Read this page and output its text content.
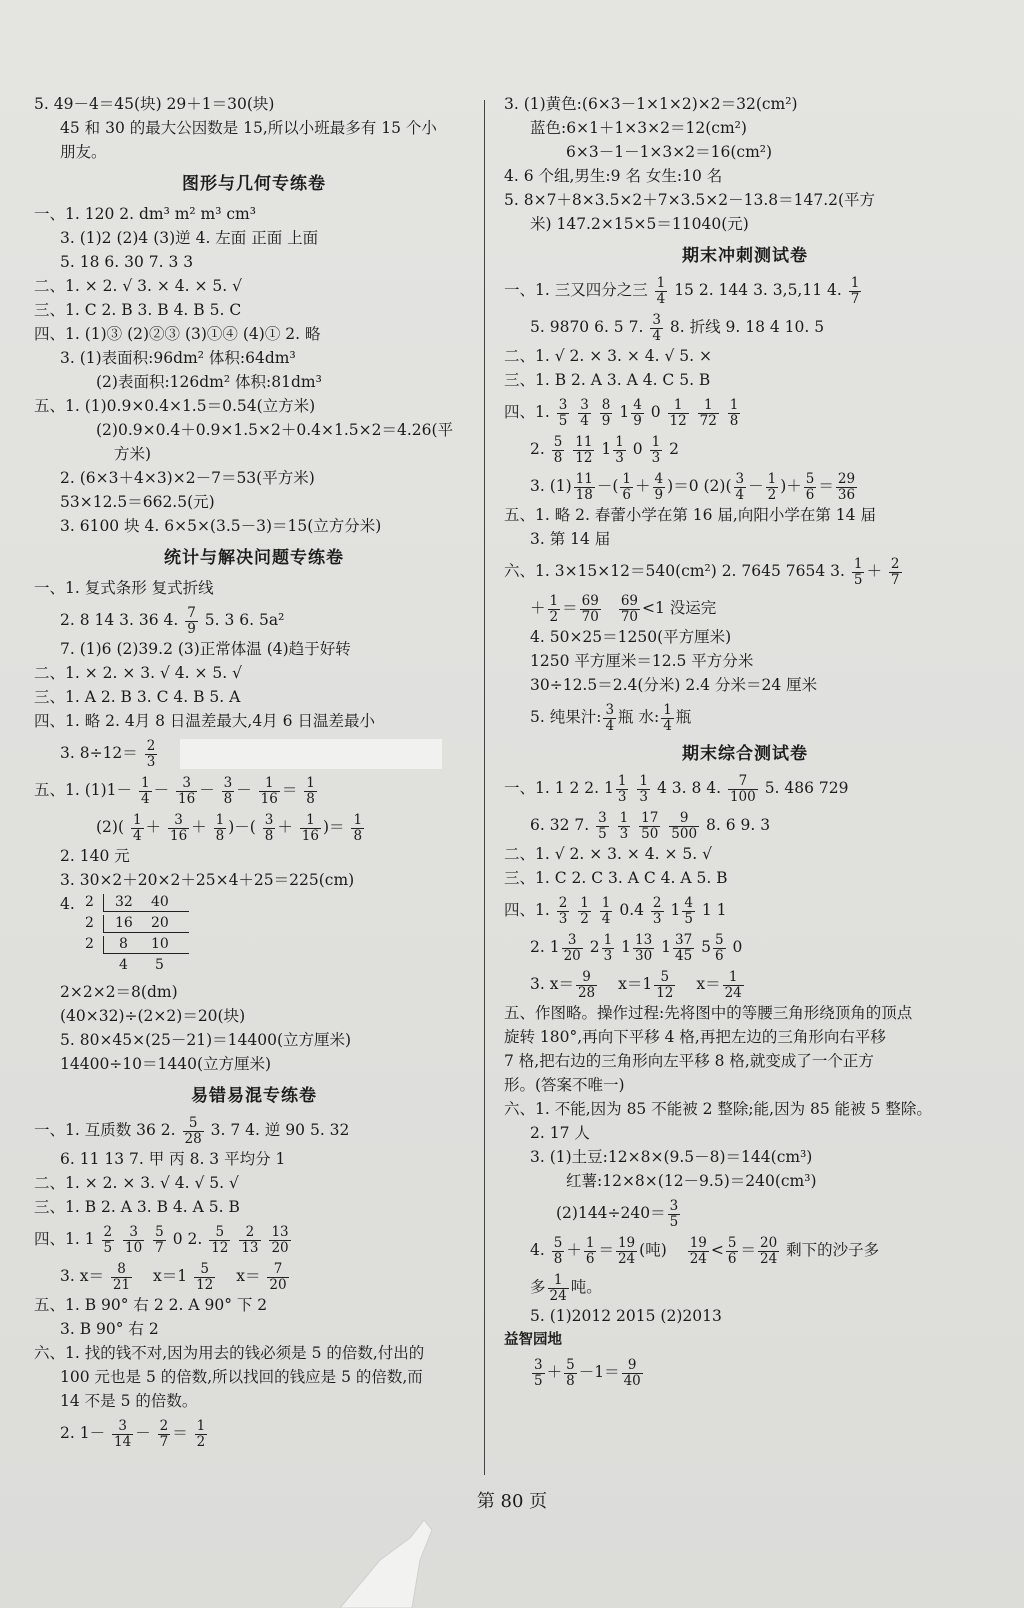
5. 49－4＝45(块) 29＋1＝30(块)
45 和 30 的最大公因数是 15,所以小班最多有 15 个小
朋友。
图形与几何专练卷
一、1. 120 2. dm³ m² m³ cm³
3. (1)2 (2)4 (3)逆 4. 左面 正面 上面
5. 18 6. 30 7. 3 3
二、1. × 2. √ 3. × 4. × 5. √
三、1. C 2. B 3. B 4. B 5. C
四、1. (1)③ (2)②③ (3)①④ (4)① 2. 略
3. (1)表面积:96dm² 体积:64dm³
(2)表面积:126dm² 体积:81dm³
五、1. (1)0.9×0.4×1.5＝0.54(立方米)
(2)0.9×0.4＋0.9×1.5×2＋0.4×1.5×2＝4.26(平
方米)
2. (6×3＋4×3)×2－7＝53(平方米)
53×12.5＝662.5(元)
3. 6100 块 4. 6×5×(3.5－3)＝15(立方分米)
统计与解决问题专练卷
一、1. 复式条形 复式折线
2. 8 14 3. 36 4. $\frac{7}{9} 5$. 3 6. 5a²
7. (1)6 (2)39.2 (3)正常体温 (4)趋于好转
二、1. × 2. × 3. √ 4. × 5. √
三、1. A 2. B 3. C 4. B 5. A
四、1. 略 2. 4月 8 日温差最大,4月 6 日温差最小
3. $8\div 12= \frac{2}{3}$

五、1. $(1)1- \frac{1}{4} - \frac{3}{16} - \frac{3}{8} - \frac{1}{16} = \frac{1}{8}$
$(2)( \frac{1}{4} + \frac{3}{16} + \frac{1}{8}$ )－( $\frac{3}{8} + \frac{1}{16}$ )＝ $\frac{1}{8}$
2. 140 元
3. 30×2＋20×2＋25×4＋25＝225(cm)
4. 2 32 40
2 16 20
2 8 10
4 5
2×2×2＝8(dm)
(40×32)÷(2×2)＝20(块)
5. 80×45×(25－21)＝14400(立方厘米)
14400÷10＝1440(立方厘米)
易错易混专练卷
一、1. 互质数 36 2. $\frac{5}{28} 3$. 7 4. 逆 90 5. 32
6. 11 13 7. 甲 丙 8. 3 平均分 1
二、1. × 2. × 3. √ 4. √ 5. √
三、1. B 2. A 3. B 4. A 5. B
四、1. $1 \frac{2}{5}$
$\frac{3}{10}$
$\frac{5}{7} 0$ 2. $\frac{5}{12}$
$\frac{2}{13}$
$\frac{13}{20}$
3. $x= \frac{8}{21} x=1 \frac{5}{12} x= \frac{7}{20}$
五、1. B 90° 右 2 2. A 90° 下 2
3. B 90° 右 2
六、1. 找的钱不对,因为用去的钱必须是 5 的倍数,付出的
100 元也是 5 的倍数,所以找回的钱应是 5 的倍数,而
14 不是 5 的倍数。
2. $1- \frac{3}{14} - \frac{2}{7} = \frac{1}{2}$
3. (1)黄色:(6×3－1×1×2)×2＝32(cm²)
蓝色:6×1＋1×3×2＝12(cm²)
6×3－1－1×3×2＝16(cm²)
4. 6 个组,男生:9 名 女生:10 名
5. 8×7＋8×3.5×2＋7×3.5×2－13.8＝147.2(平方
米) 147.2×15×5＝11040(元)
期末冲刺测试卷
一、1. 三又四分之三 $\frac{1}{4} 15$ 2. 144 3. 3,5,11 4. $\frac{1}{7}$
5. 9870 6. 5 7. $\frac{3}{4} 8$. 折线 9. 18 4 10. 5
二、1. √ 2. × 3. × 4. √ 5. ×
三、1. B 2. A 3. A 4. C 5. B
四、1. $\frac{3}{5}$
$\frac{3}{4}$
$\frac{8}{9} 1 \frac{4}{9} 0 \frac{1}{12}$
$\frac{1}{72}$
$\frac{1}{8}$
2. $\frac{5}{8}$
$\frac{11}{12} 1 \frac{1}{3} 0 \frac{1}{3} 2$
3. $(1) \frac{11}{18}$ －( $\frac{1}{6} + \frac{4}{9} )=0$ $(2)( \frac{3}{4} - \frac{1}{2}$ )＋ $\frac{5}{6} = \frac{29}{36}$
五、1. 略 2. 春蕾小学在第 16 届,向阳小学在第 14 届
3. 第 14 届
六、1. 3×15×12＝540(cm²) 2. 7645 7654 3. $\frac{1}{5} + \frac{2}{7}$
＋ $\frac{1}{2} = \frac{69}{70} \frac{69}{70} <1$ 没运完
4. 50×25＝1250(平方厘米)
1250 平方厘米＝12.5 平方分米
30÷12.5＝2.4(分米) 2.4 分米＝24 厘米
5. 纯果汁: $\frac{3}{4}$ 瓶 水: $\frac{1}{4}$ 瓶
期末综合测试卷
一、1. 1 2 2. $1 \frac{1}{3}$
$\frac{1}{3} 4$ 3. 8 4. $\frac{7}{100} 5$. 486 729
6. 32 7. $\frac{3}{5}$
$\frac{1}{3}$
$\frac{17}{50}$
$\frac{9}{500} 8$. 6 9. 3
二、1. √ 2. × 3. × 4. × 5. √
三、1. C 2. C 3. A C 4. A 5. B
四、1. $\frac{2}{3}$
$\frac{1}{2}$
$\frac{1}{4} 0.4 \frac{2}{3} 1 \frac{4}{5} 1$ 1
2. $1 \frac{3}{20} 2 \frac{1}{3} 1 \frac{13}{30} 1 \frac{37}{45} 5 \frac{5}{6} 0$
3. $x= \frac{9}{28} x=1 \frac{5}{12} x= \frac{1}{24}$
五、作图略。操作过程:先将图中的等腰三角形绕顶角的顶点
旋转 180°,再向下平移 4 格,再把左边的三角形向右平移
7 格,把右边的三角形向左平移 8 格,就变成了一个正方
形。(答案不唯一)
六、1. 不能,因为 85 不能被 2 整除;能,因为 85 能被 5 整除。
2. 17 人
3. (1)土豆:12×8×(9.5－8)＝144(cm³)
红薯:12×8×(12－9.5)＝240(cm³)
$(2)144\div 240= \frac{3}{5}$
4. $\frac{5}{8} + \frac{1}{6} = \frac{19}{24}$ (吨) $\frac{19}{24} < \frac{5}{6} = \frac{20}{24}$ 剩下的沙子多
多 $\frac{1}{24}$ 吨。
5. (1)2012 2015 (2)2013
益智园地
$\frac{3}{5} + \frac{5}{8} -1= \frac{9}{40}$
第 80 页
